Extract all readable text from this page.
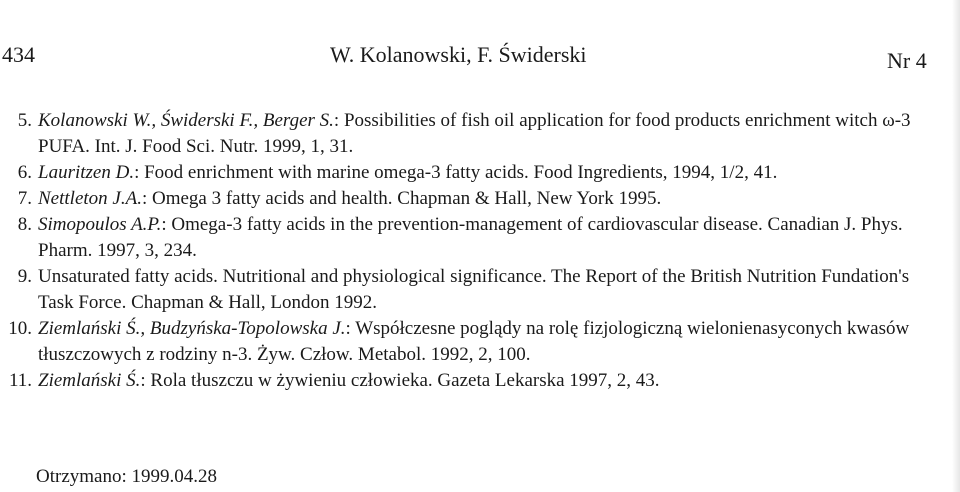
434	W. Kolanowski, F. Świderski	Nr 4
5. Kolanowski W., Świderski F., Berger S.: Possibilities of fish oil application for food products enrichment witch ω-3 PUFA. Int. J. Food Sci. Nutr. 1999, 1, 31.
6. Lauritzen D.: Food enrichment with marine omega-3 fatty acids. Food Ingredients, 1994, 1/2, 41.
7. Nettleton J.A.: Omega 3 fatty acids and health. Chapman & Hall, New York 1995.
8. Simopoulos A.P.: Omega-3 fatty acids in the prevention-management of cardiovascular disease. Canadian J. Phys. Pharm. 1997, 3, 234.
9. Unsaturated fatty acids. Nutritional and physiological significance. The Report of the British Nutrition Fundation's Task Force. Chapman & Hall, London 1992.
10. Ziemlański Ś., Budzyńska-Topolowska J.: Współczesne poglądy na rolę fizjologiczną wielonienasyconych kwasów tłuszczowych z rodziny n-3. Żyw. Człow. Metabol. 1992, 2, 100.
11. Ziemlański Ś.: Rola tłuszczu w żywieniu człowieka. Gazeta Lekarska 1997, 2, 43.
Otrzymano: 1999.04.28
